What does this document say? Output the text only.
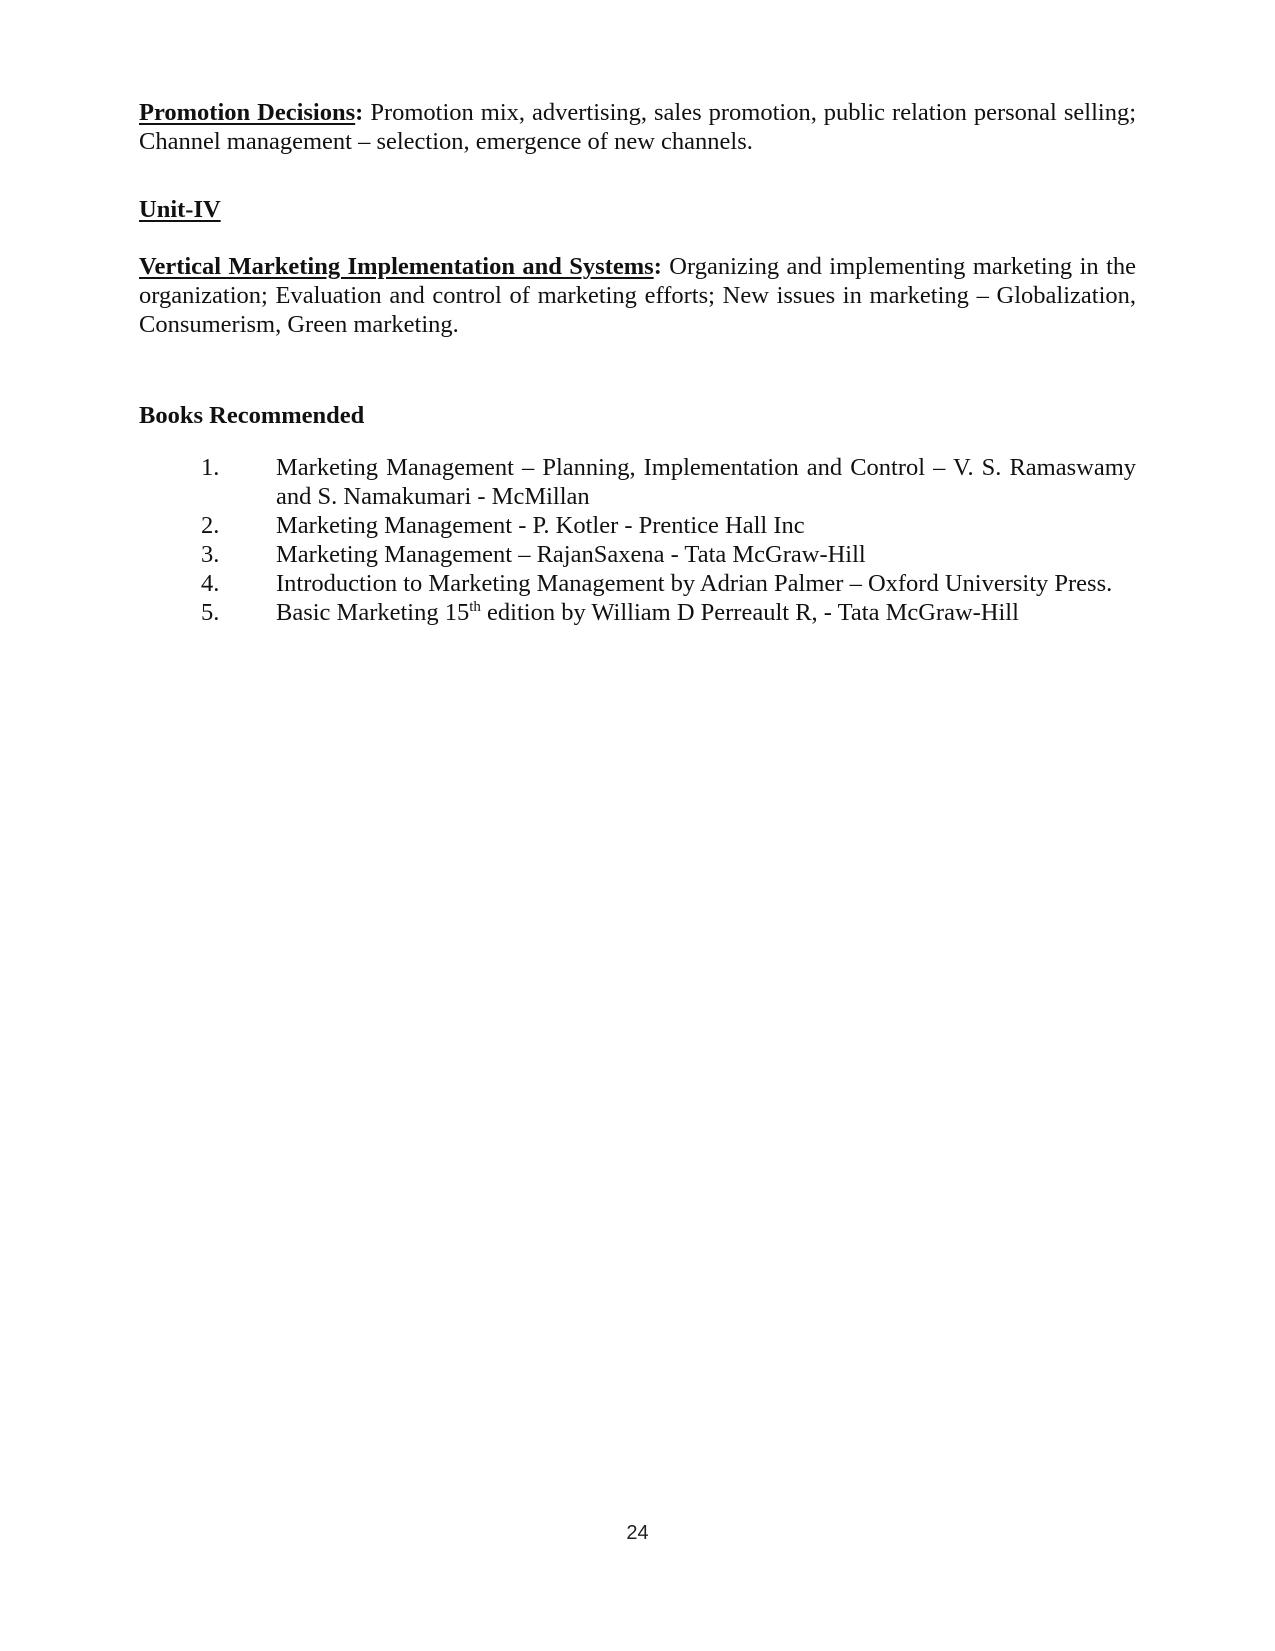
Promotion Decisions: Promotion mix, advertising, sales promotion, public relation personal selling; Channel management – selection, emergence of new channels.

Unit-IV

Vertical Marketing Implementation and Systems: Organizing and implementing marketing in the organization; Evaluation and control of marketing efforts; New issues in marketing – Globalization, Consumerism, Green marketing.

Books Recommended

1.	Marketing Management – Planning, Implementation and Control – V. S. Ramaswamy and S. Namakumari - McMillan
2.	Marketing Management - P. Kotler - Prentice Hall Inc
3.	Marketing Management – RajanSaxena - Tata McGraw-Hill
4.	Introduction to Marketing Management by Adrian Palmer – Oxford University Press.
5.	Basic Marketing 15th edition by William D Perreault R, - Tata McGraw-Hill
24
